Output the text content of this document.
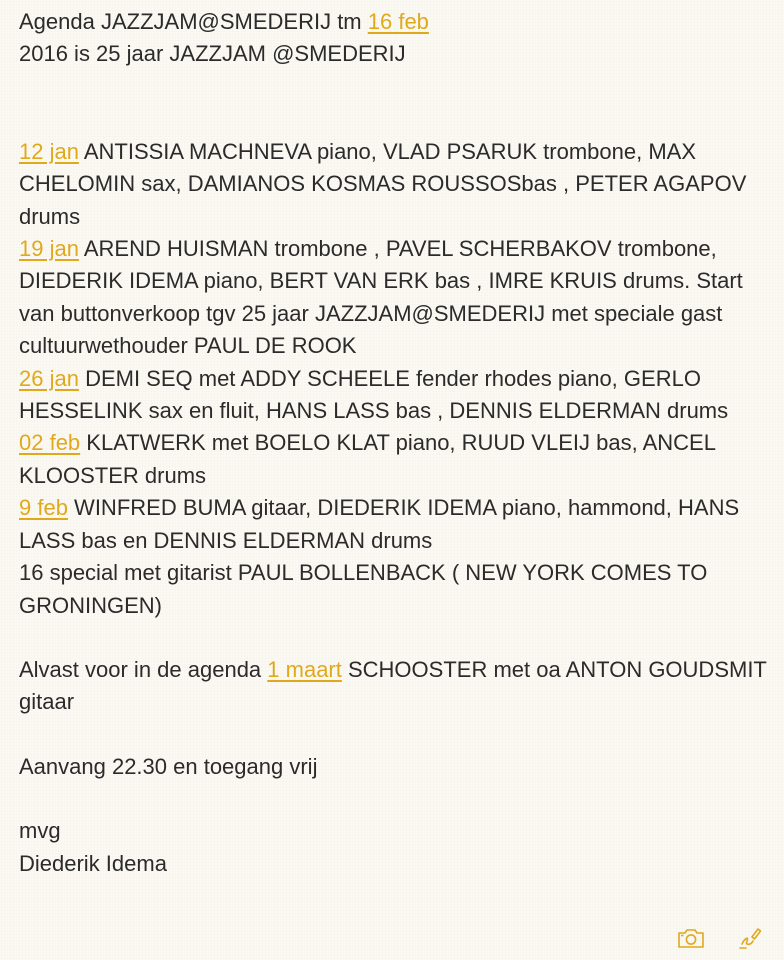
Agenda JAZZJAM@SMEDERIJ tm 16 feb
2016 is 25 jaar JAZZJAM @SMEDERIJ
12 jan ANTISSIA MACHNEVA piano, VLAD PSARUK trombone, MAX CHELOMIN sax, DAMIANOS KOSMAS ROUSSOSbas , PETER AGAPOV drums
19 jan AREND HUISMAN trombone , PAVEL SCHERBAKOV trombone, DIEDERIK IDEMA piano, BERT VAN ERK bas , IMRE KRUIS drums. Start van buttonverkoop tgv 25 jaar JAZZJAM@SMEDERIJ met speciale gast cultuurwethouder PAUL DE ROOK
26 jan DEMI SEQ met ADDY SCHEELE fender rhodes piano, GERLO HESSELINK sax en fluit, HANS LASS bas , DENNIS ELDERMAN drums
02 feb KLATWERK met BOELO KLAT piano, RUUD VLEIJ bas, ANCEL KLOOSTER drums
9 feb WINFRED BUMA gitaar, DIEDERIK IDEMA piano, hammond, HANS LASS bas en DENNIS ELDERMAN drums
16 special met gitarist PAUL BOLLENBACK ( NEW YORK COMES TO GRONINGEN)
Alvast voor in de agenda 1 maart SCHOOSTER met oa ANTON GOUDSMIT gitaar
Aanvang 22.30 en toegang vrij
mvg
Diederik Idema
